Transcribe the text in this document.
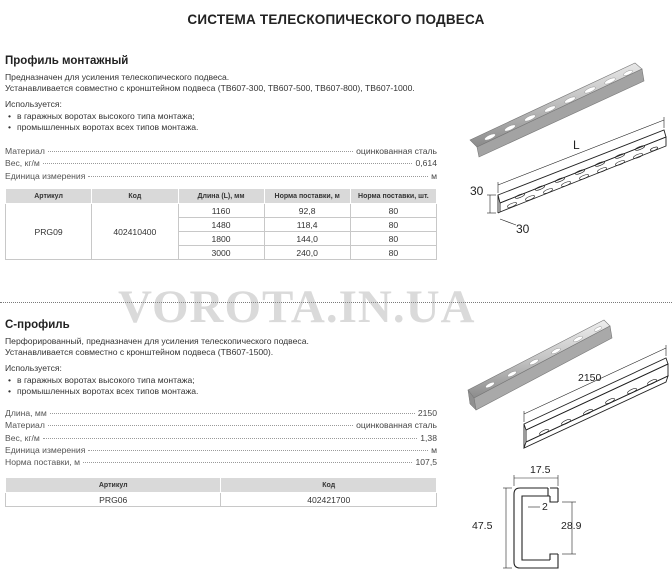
СИСТЕМА ТЕЛЕСКОПИЧЕСКОГО ПОДВЕСА
Профиль монтажный
Предназначен для усиления телескопического подвеса.
Устанавливается совместно с кронштейном подвеса (TB607-300, TB607-500, TB607-800), TB607-1000.
Используется:
• в гаражных воротах высокого типа монтажа;
• промышленных воротах всех типов монтажа.
Материал	оцинкованная сталь
Вес, кг/м	0,614
Единица измерения	м
Артикул	Код	Длина (L), мм	Норма поставки, м	Норма поставки, шт.
PRG09	402410400	1160	92,8	80
		1480	118,4	80
		1800	144,0	80
		3000	240,0	80
L
30
30
VOROTA.IN.UA
С-профиль
Перфорированный, предназначен для усиления телескопического подвеса.
Устанавливается совместно с кронштейном подвеса (TB607-1500).
Используется:
• в гаражных воротах высокого типа монтажа;
• промышленных воротах всех типов монтажа.
Длина, мм	2150
Материал	оцинкованная сталь
Вес, кг/м	1,38
Единица измерения	м
Норма поставки, м	107,5
Артикул	Код
PRG06	402421700
2150
17.5
2
47.5	28.9
